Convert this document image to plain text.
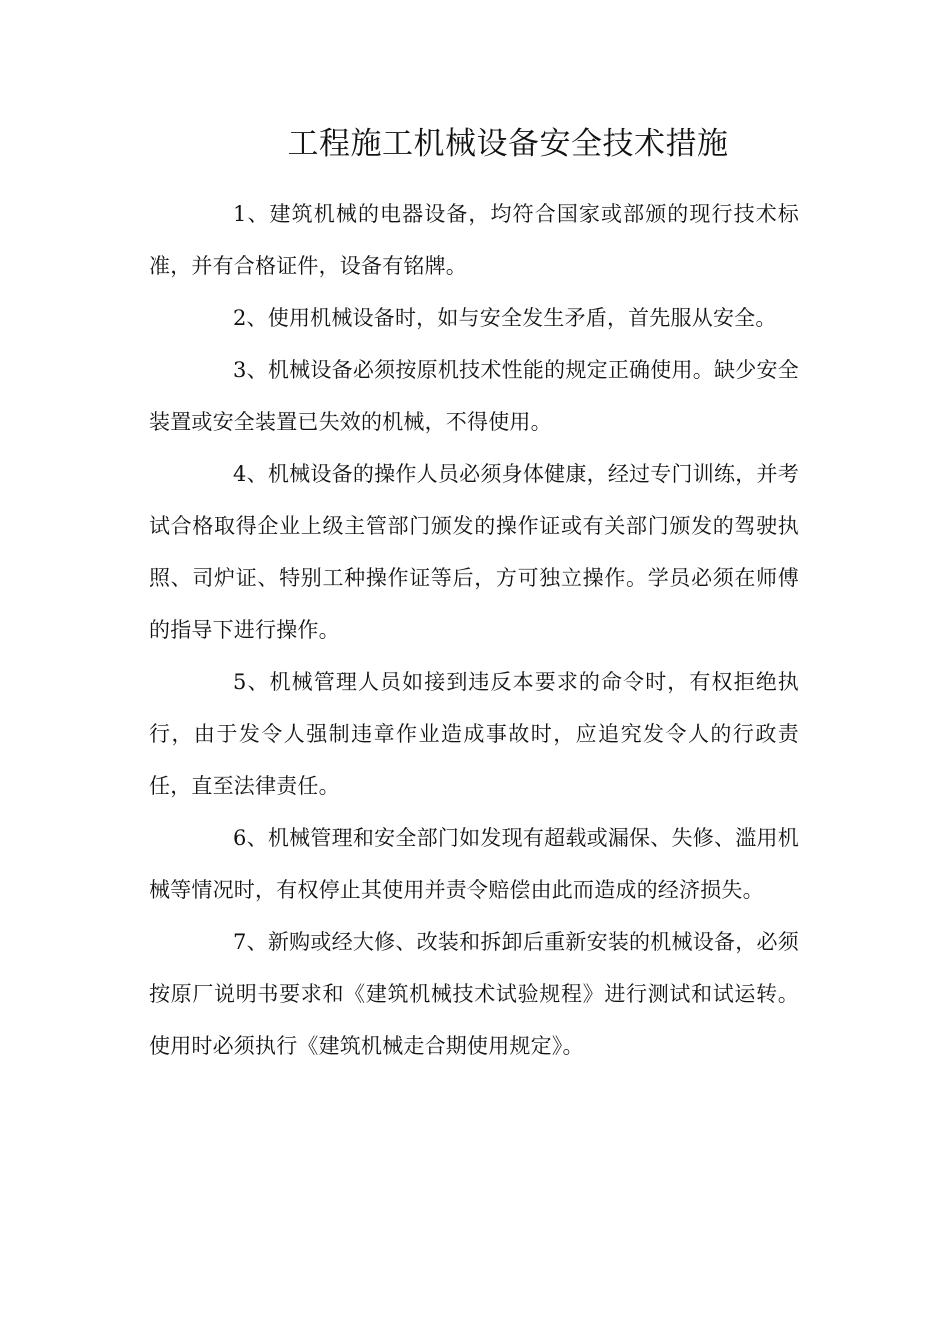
工程施工机械设备安全技术措施

1、建筑机械的电器设备，均符合国家或部颁的现行技术标准，并有合格证件，设备有铭牌。

2、使用机械设备时，如与安全发生矛盾，首先服从安全。

3、机械设备必须按原机技术性能的规定正确使用。缺少安全装置或安全装置已失效的机械，不得使用。

4、机械设备的操作人员必须身体健康，经过专门训练，并考试合格取得企业上级主管部门颁发的操作证或有关部门颁发的驾驶执照、司炉证、特别工种操作证等后，方可独立操作。学员必须在师傅的指导下进行操作。

5、机械管理人员如接到违反本要求的命令时，有权拒绝执行，由于发令人强制违章作业造成事故时，应追究发令人的行政责任，直至法律责任。

6、机械管理和安全部门如发现有超载或漏保、失修、滥用机械等情况时，有权停止其使用并责令赔偿由此而造成的经济损失。

7、新购或经大修、改装和拆卸后重新安装的机械设备，必须按原厂说明书要求和《建筑机械技术试验规程》进行测试和试运转。使用时必须执行《建筑机械走合期使用规定》。
